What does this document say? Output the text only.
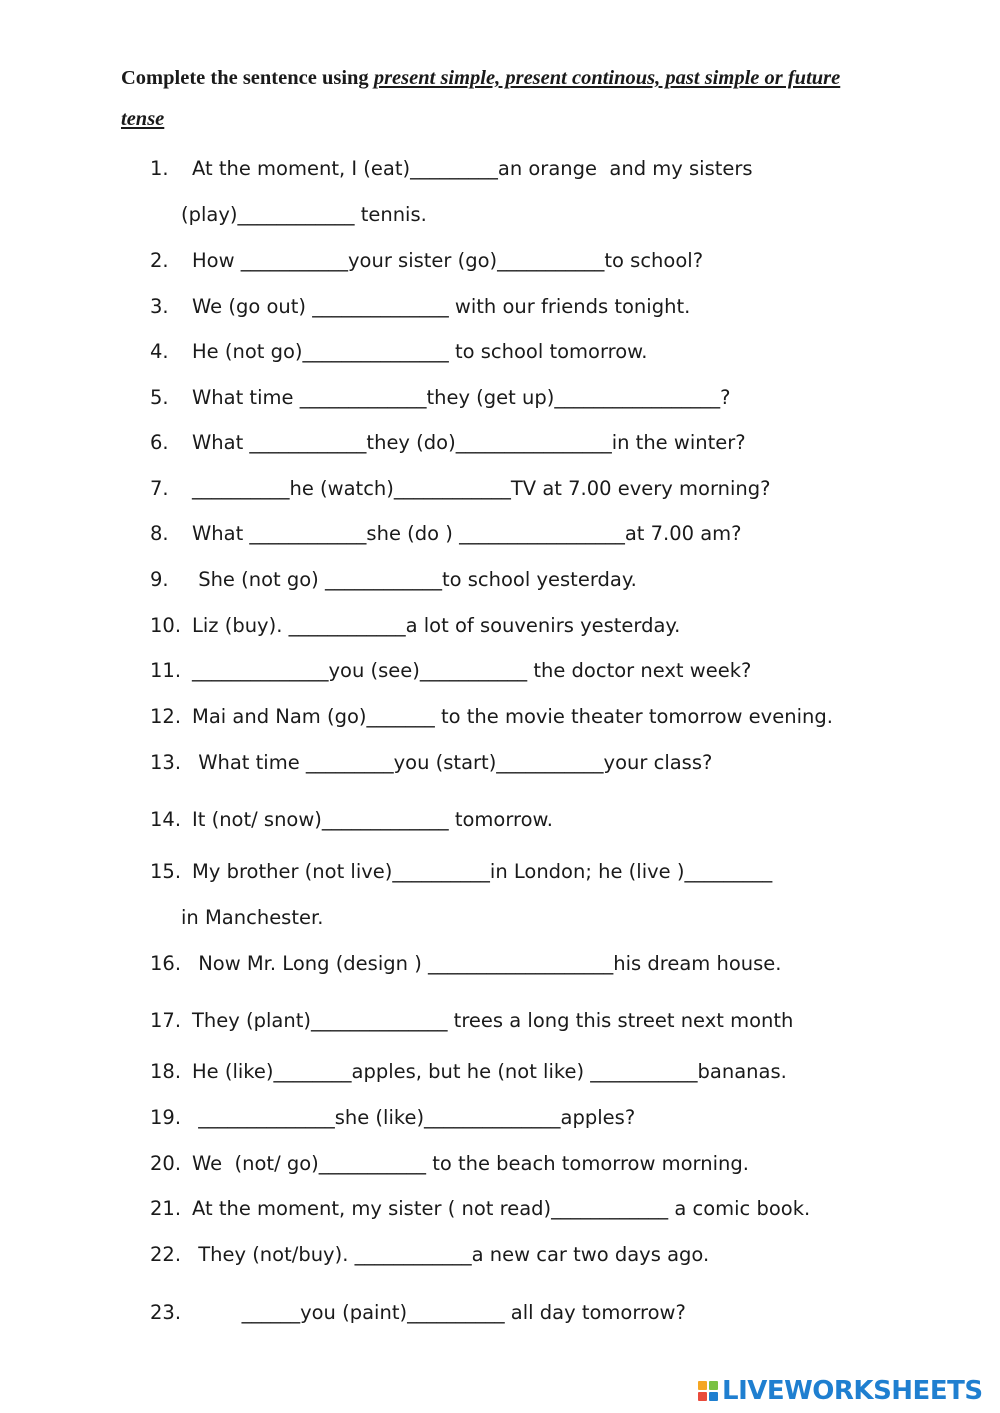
Complete the sentence using present simple, present continous, past simple or future tense

1. At the moment, I (eat)_________an orange  and my sisters
(play)____________ tennis.

2. How ___________your sister (go)___________to school?

3. We (go out) ______________ with our friends tonight.

4. He (not go)_______________ to school tomorrow.

5. What time _____________they (get up)_________________?

6. What ____________they (do)________________in the winter?

7. __________he (watch)____________TV at 7.00 every morning?

8. What ____________she (do ) _________________at 7.00 am?

9. She (not go) ____________to school yesterday.

10. Liz (buy). ____________a lot of souvenirs yesterday.

11. ______________you (see)___________ the doctor next week?

12. Mai and Nam (go)_______ to the movie theater tomorrow evening.

13. What time _________you (start)___________your class?

14. It (not/ snow)_____________ tomorrow.

15. My brother (not live)__________in London; he (live )_________
in Manchester.

16. Now Mr. Long (design ) ___________________his dream house.

17. They (plant)______________ trees a long this street next month

18. He (like)________apples, but he (not like) ___________bananas.

19. ______________she (like)______________apples?

20. We  (not/ go)___________ to the beach tomorrow morning.

21. At the moment, my sister ( not read)____________ a comic book.

22. They (not/buy). ____________a new car two days ago.

23.        ______you (paint)__________ all day tomorrow?

LIVEWORKSHEETS
